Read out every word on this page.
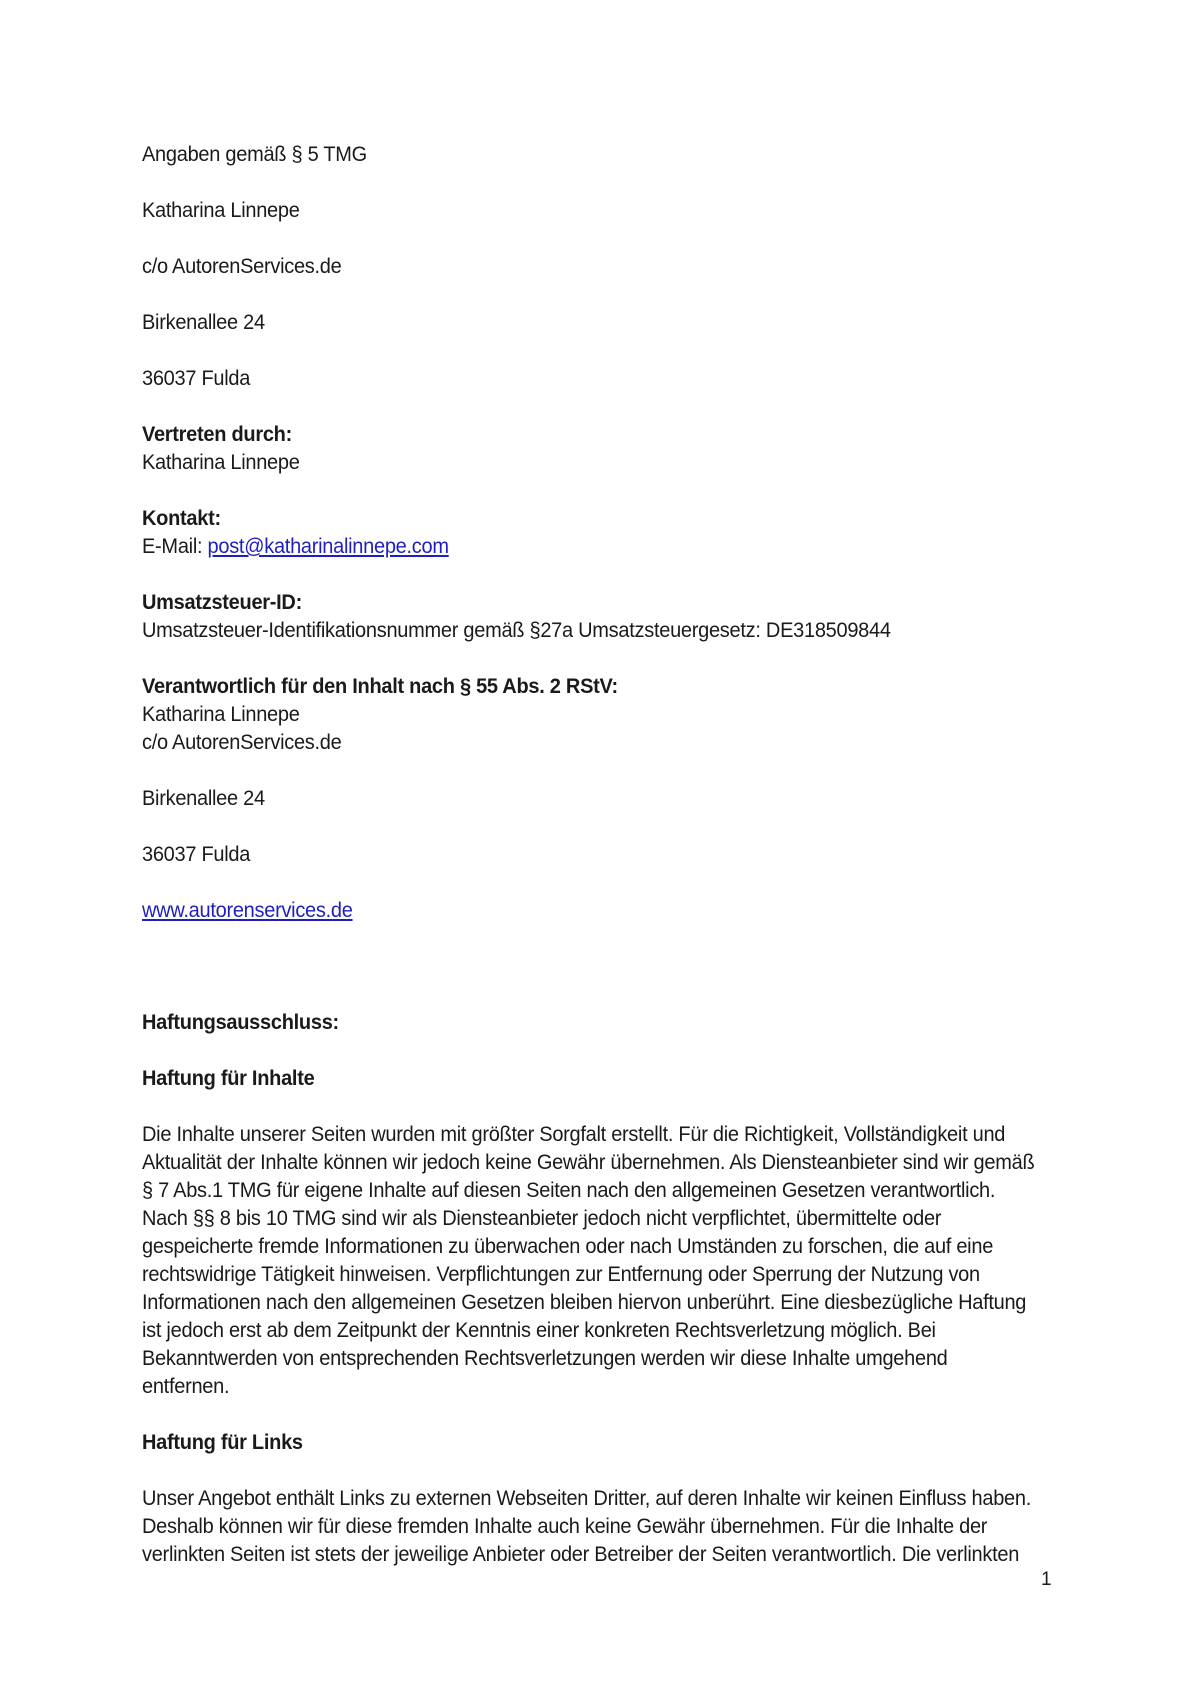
Angaben gemäß § 5 TMG

Katharina Linnepe

c/o AutorenServices.de

Birkenallee 24

36037 Fulda

Vertreten durch:

Katharina Linnepe

Kontakt:

E-Mail: post@katharinalinnepe.com

Umsatzsteuer-ID:

Umsatzsteuer-Identifikationsnummer gemäß §27a Umsatzsteuergesetz: DE318509844

Verantwortlich für den Inhalt nach § 55 Abs. 2 RStV:

Katharina Linnepe

c/o AutorenServices.de

Birkenallee 24

36037 Fulda

www.autorenservices.de

Haftungsausschluss:

Haftung für Inhalte

Die Inhalte unserer Seiten wurden mit größter Sorgfalt erstellt. Für die Richtigkeit, Vollständigkeit und

Aktualität der Inhalte können wir jedoch keine Gewähr übernehmen. Als Diensteanbieter sind wir gemäß

§ 7 Abs.1 TMG für eigene Inhalte auf diesen Seiten nach den allgemeinen Gesetzen verantwortlich.

Nach §§ 8 bis 10 TMG sind wir als Diensteanbieter jedoch nicht verpflichtet, übermittelte oder

gespeicherte fremde Informationen zu überwachen oder nach Umständen zu forschen, die auf eine

rechtswidrige Tätigkeit hinweisen. Verpflichtungen zur Entfernung oder Sperrung der Nutzung von

Informationen nach den allgemeinen Gesetzen bleiben hiervon unberührt. Eine diesbezügliche Haftung

ist jedoch erst ab dem Zeitpunkt der Kenntnis einer konkreten Rechtsverletzung möglich. Bei

Bekanntwerden von entsprechenden Rechtsverletzungen werden wir diese Inhalte umgehend

entfernen.

Haftung für Links

Unser Angebot enthält Links zu externen Webseiten Dritter, auf deren Inhalte wir keinen Einfluss haben.

Deshalb können wir für diese fremden Inhalte auch keine Gewähr übernehmen. Für die Inhalte der

verlinkten Seiten ist stets der jeweilige Anbieter oder Betreiber der Seiten verantwortlich. Die verlinkten

1
